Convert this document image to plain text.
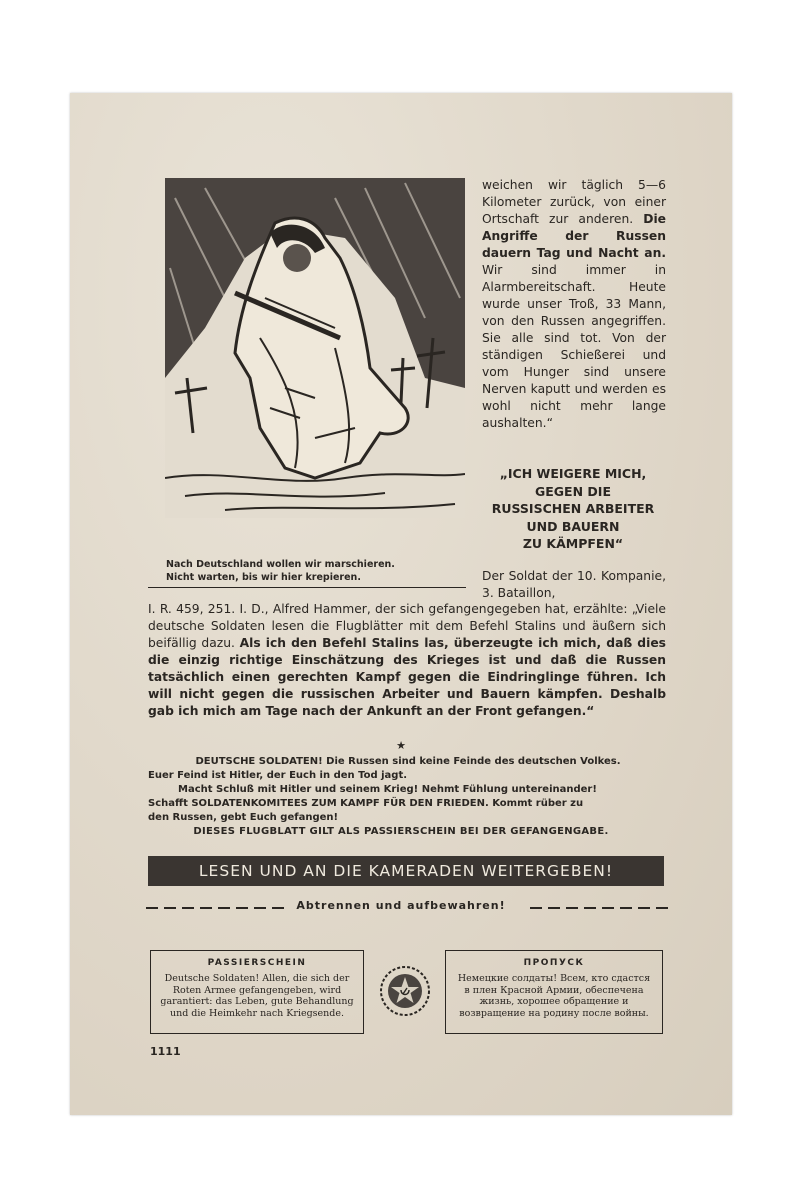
Nach Deutschland wollen wir marschieren.
Nicht warten, bis wir hier krepieren.
weichen wir täglich 5—6 Kilometer zurück, von einer Ortschaft zur anderen. Die Angriffe der Russen dauern Tag und Nacht an. Wir sind immer in Alarmbereitschaft. Heute wurde unser Troß, 33 Mann, von den Russen angegriffen. Sie alle sind tot. Von der ständigen Schießerei und vom Hunger sind unsere Nerven kaputt und werden es wohl nicht mehr lange aushalten.“
„ICH WEIGERE MICH,
GEGEN DIE
RUSSISCHEN ARBEITER
UND BAUERN
ZU KÄMPFEN“
Der Soldat der 10. Kompanie, 3. Bataillon,
I. R. 459, 251. I. D., Alfred Hammer, der sich gefangengegeben hat, erzählte: „Viele deutsche Soldaten lesen die Flugblätter mit dem Befehl Stalins und äußern sich beifällig dazu. Als ich den Befehl Stalins las, überzeugte ich mich, daß dies die einzig richtige Einschätzung des Krieges ist und daß die Russen tatsächlich einen gerechten Kampf gegen die Eindringlinge führen. Ich will nicht gegen die russischen Arbeiter und Bauern kämpfen. Deshalb gab ich mich am Tage nach der Ankunft an der Front gefangen.“
★

DEUTSCHE SOLDATEN! Die Russen sind keine Feinde des deutschen Volkes.

Euer Feind ist Hitler, der Euch in den Tod jagt.

Macht Schluß mit Hitler und seinem Krieg! Nehmt Fühlung untereinander!

Schafft SOLDATENKOMITEES ZUM KAMPF FÜR DEN FRIEDEN. Kommt rüber zu

den Russen, gebt Euch gefangen!

DIESES FLUGBLATT GILT ALS PASSIERSCHEIN BEI DER GEFANGENGABE.
LESEN UND AN DIE KAMERADEN WEITERGEBEN!
Abtrennen und aufbewahren!
PASSIERSCHEIN
Deutsche Soldaten! Allen, die sich der Roten Armee gefangengeben, wird garantiert: das Leben, gute Behandlung und die Heimkehr nach Kriegsende.
ПРОПУСК
Немецкие солдаты! Всем, кто сдастся в плен Красной Армии, обеспечена жизнь, хорошее обращение и возвращение на родину после войны.
1111
